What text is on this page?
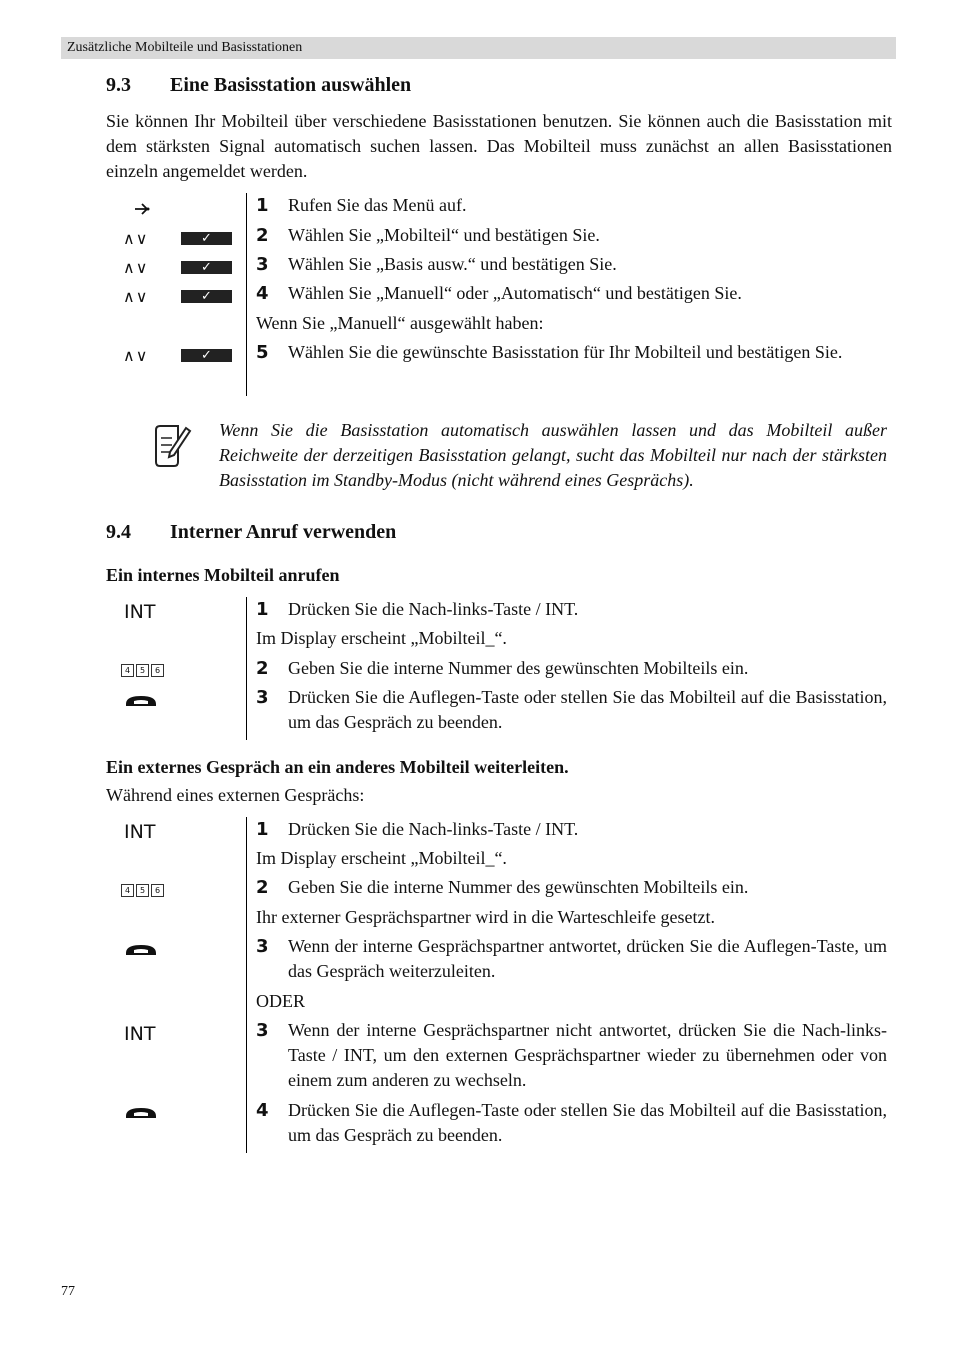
Zusätzliche Mobilteile und Basisstationen
9.3 Eine Basisstation auswählen
Sie können Ihr Mobilteil über verschiedene Basisstationen benutzen. Sie können auch die Basisstation mit dem stärksten Signal automatisch suchen lassen. Das Mobilteil muss zunächst an allen Basisstationen einzeln angemeldet werden.
∧∨	✓
∧∨	✓
∧∨	✓
∧∨	✓
1 Rufen Sie das Menü auf.
2 Wählen Sie „Mobilteil“ und bestätigen Sie.
3 Wählen Sie „Basis ausw.“ und bestätigen Sie.
4 Wählen Sie „Manuell“ oder „Automatisch“ und bestätigen Sie.
Wenn Sie „Manuell“ ausgewählt haben:
5 Wählen Sie die gewünschte Basisstation für Ihr Mobilteil und bestätigen Sie.
Wenn Sie die Basisstation automatisch auswählen lassen und das Mobilteil außer Reichweite der derzeitigen Basisstation gelangt, sucht das Mobilteil nur nach der stärksten Basisstation im Standby-Modus (nicht während eines Gesprächs).
9.4 Interner Anruf verwenden
Ein internes Mobilteil anrufen
INT
4	5	6
1 Drücken Sie die Nach-links-Taste / INT.
Im Display erscheint „Mobilteil_“.
2 Geben Sie die interne Nummer des gewünschten Mobilteils ein.
3 Drücken Sie die Auflegen-Taste oder stellen Sie das Mobilteil auf die Basisstation, um das Gespräch zu beenden.
Ein externes Gespräch an ein anderes Mobilteil weiterleiten.
Während eines externen Gesprächs:
INT
4	5	6
INT
1 Drücken Sie die Nach-links-Taste / INT.
Im Display erscheint „Mobilteil_“.
2 Geben Sie die interne Nummer des gewünschten Mobilteils ein.
Ihr externer Gesprächspartner wird in die Warteschleife gesetzt.
3 Wenn der interne Gesprächspartner antwortet, drücken Sie die Auflegen-Taste, um das Gespräch weiterzuleiten.
ODER
3 Wenn der interne Gesprächspartner nicht antwortet, drücken Sie die Nach-links-Taste / INT, um den externen Gesprächspartner wieder zu übernehmen oder von einem zum anderen zu wechseln.
4 Drücken Sie die Auflegen-Taste oder stellen Sie das Mobilteil auf die Basisstation, um das Gespräch zu beenden.
77
